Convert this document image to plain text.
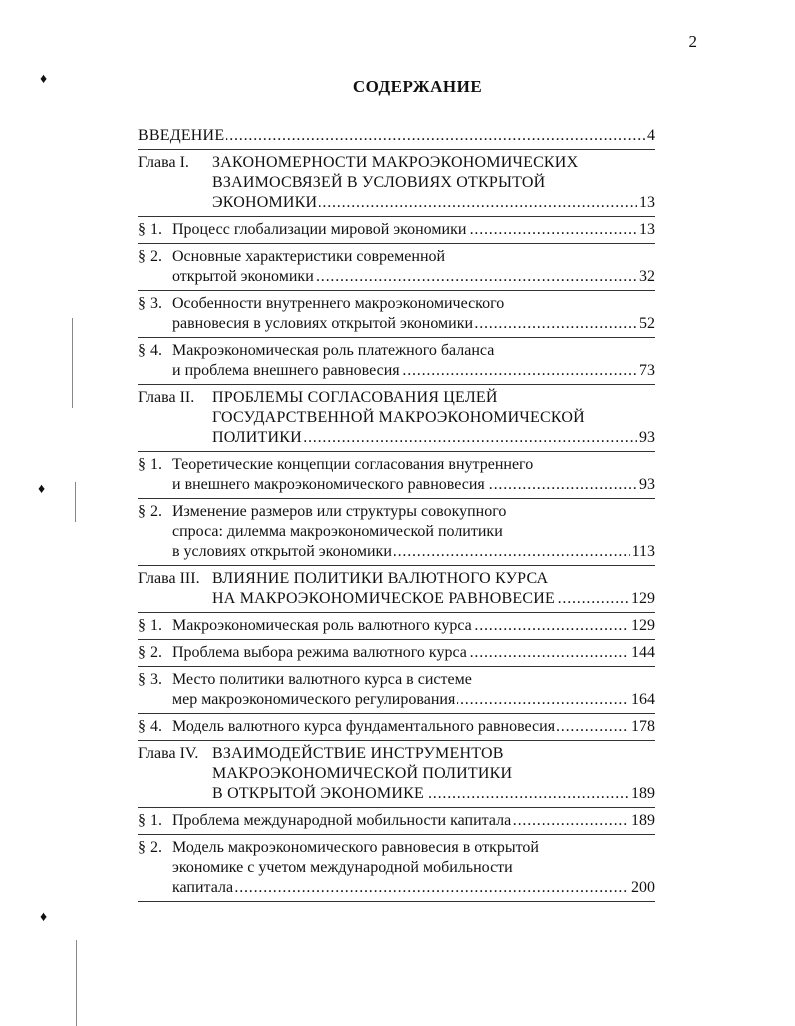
2
СОДЕРЖАНИЕ
♦
♦
♦
. . .
ВВЕДЕНИЕ	4
Глава I. ЗАКОНОМЕРНОСТИ МАКРОЭКОНОМИЧЕСКИХ
ВЗАИМОСВЯЗЕЙ В УСЛОВИЯХ ОТКРЫТОЙ
. . .
ЭКОНОМИКИ	13
§ 1. . . . Процесс глобализации мировой экономики	13
§ 2. Основные характеристики современной
. . .
открытой экономики	32
§ 3. Особенности внутреннего макроэкономического
. . .
равновесия в условиях открытой экономики	52
§ 4. Макроэкономическая роль платежного баланса
. . .
и проблема внешнего равновесия	73
Глава II. ПРОБЛЕМЫ СОГЛАСОВАНИЯ ЦЕЛЕЙ
ГОСУДАРСТВЕННОЙ МАКРОЭКОНОМИЧЕСКОЙ
. . .
ПОЛИТИКИ	93
§ 1. Теоретические концепции согласования внутреннего
. . .
и внешнего макроэкономического равновесия	93
§ 2. Изменение размеров или структуры совокупного
спроса: дилемма макроэкономической политики
. . .
в условиях открытой экономики	113
Глава III. ВЛИЯНИЕ ПОЛИТИКИ ВАЛЮТНОГО КУРСА
. . .
НА МАКРОЭКОНОМИЧЕСКОЕ РАВНОВЕСИЕ	129
§ 1. . . . Макроэкономическая роль валютного курса	129
§ 2. . . . Проблема выбора режима валютного курса	144
§ 3. Место политики валютного курса в системе
. . .
мер макроэкономического регулирования	164
§ 4. . . . Модель валютного курса фундаментального равновесия	178
Глава IV. ВЗАИМОДЕЙСТВИЕ ИНСТРУМЕНТОВ
МАКРОЭКОНОМИЧЕСКОЙ ПОЛИТИКИ
. . .
В ОТКРЫТОЙ ЭКОНОМИКЕ	189
§ 1. . . . Проблема международной мобильности капитала	189
§ 2. Модель макроэкономического равновесия в открытой
экономике с учетом международной мобильности
. . .
капитала	200
